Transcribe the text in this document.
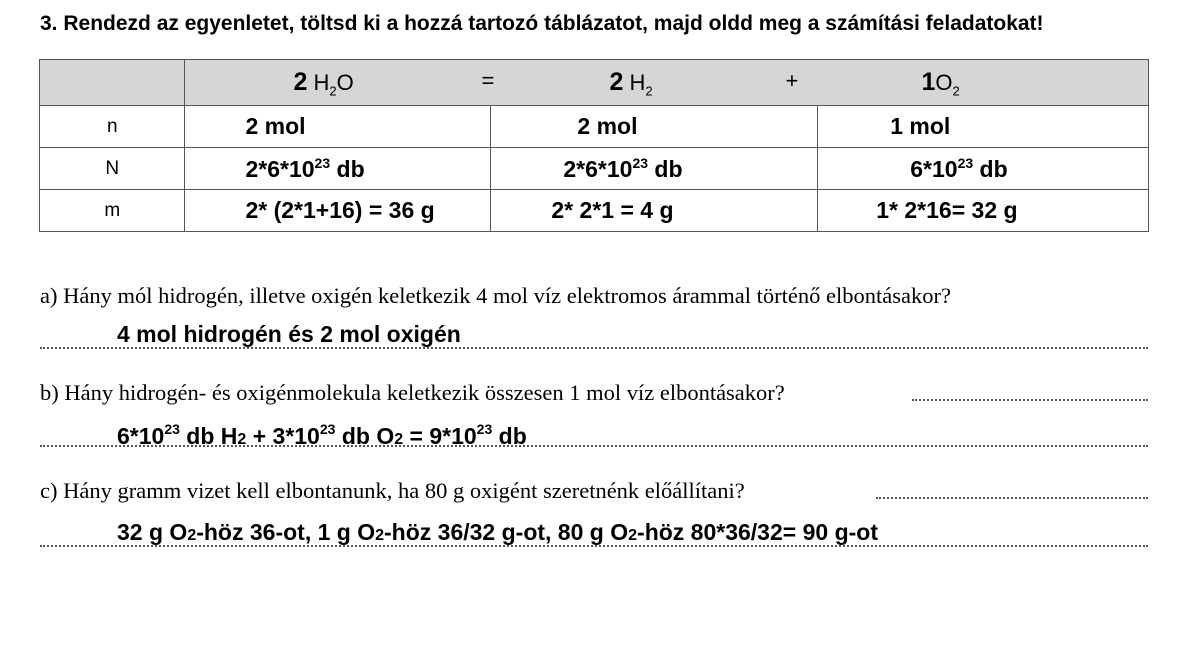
3. Rendezd az egyenletet, töltsd ki a hozzá tartozó táblázatot, majd oldd meg a számítási feladatokat!

	2 $H_2O = 2$ $H_2 + 1O_2$

n	2 mol	2 mol	1 mol
N	$2*6*10^{23}$ db	$2*6*10^{23}$ db	$6*10^{23}$ db
m	2* (2*1+16) = 36 g	2* 2*1 = 4 g	1* 2*16= 32 g
a) Hány mól hidrogén, illetve oxigén keletkezik 4 mol víz elektromos árammal történő elbontásakor?
4 mol hidrogén és 2 mol oxigén
b) Hány hidrogén- és oxigénmolekula keletkezik összesen 1 mol víz elbontásakor?
$6*10^{23}$ db $H2 + 3*10^{23}$ db $O2 = 9*10^{23}$ db
c) Hány gramm vizet kell elbontanunk, ha 80 g oxigént szeretnénk előállítani?
32 g O2-höz 36-ot, 1 g O2-höz 36/32 g-ot, 80 g O2-höz 80*36/32= 90 g-ot
